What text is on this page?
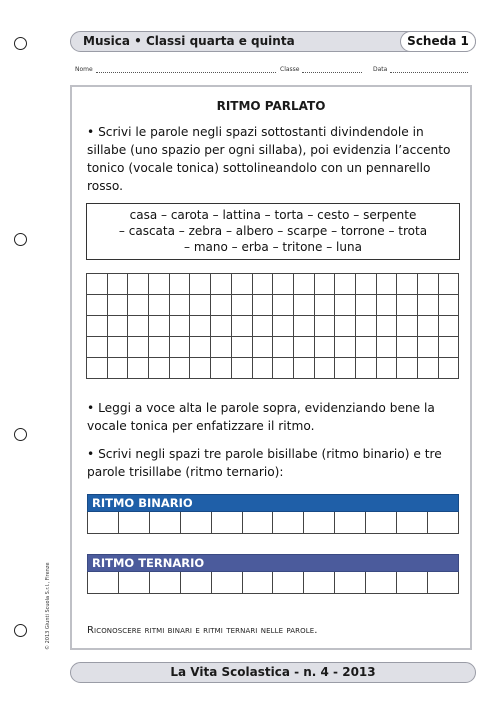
Musica • Classi quarta e quinta	Scheda 1
Nome	Classe	Data
RITMO PARLATO
• Scrivi le parole negli spazi sottostanti divindendole in sillabe (uno spazio per ogni sillaba), poi evidenzia l’accento tonico (vocale tonica) sottolineandolo con un pennarello rosso.
casa – carota – lattina – torta – cesto – serpente
– cascata – zebra – albero – scarpe – torrone – trota
– mano – erba – tritone – luna
• Leggi a voce alta le parole sopra, evidenziando bene la vocale tonica per enfatizzare il ritmo.
• Scrivi negli spazi tre parole bisillabe (ritmo binario) e tre parole trisillabe (ritmo ternario):
RITMO BINARIO
RITMO TERNARIO
Riconoscere ritmi binari e ritmi ternari nelle parole.
© 2013 Giunti Scuola S.r.l., Firenze
La Vita Scolastica - n. 4 - 2013
